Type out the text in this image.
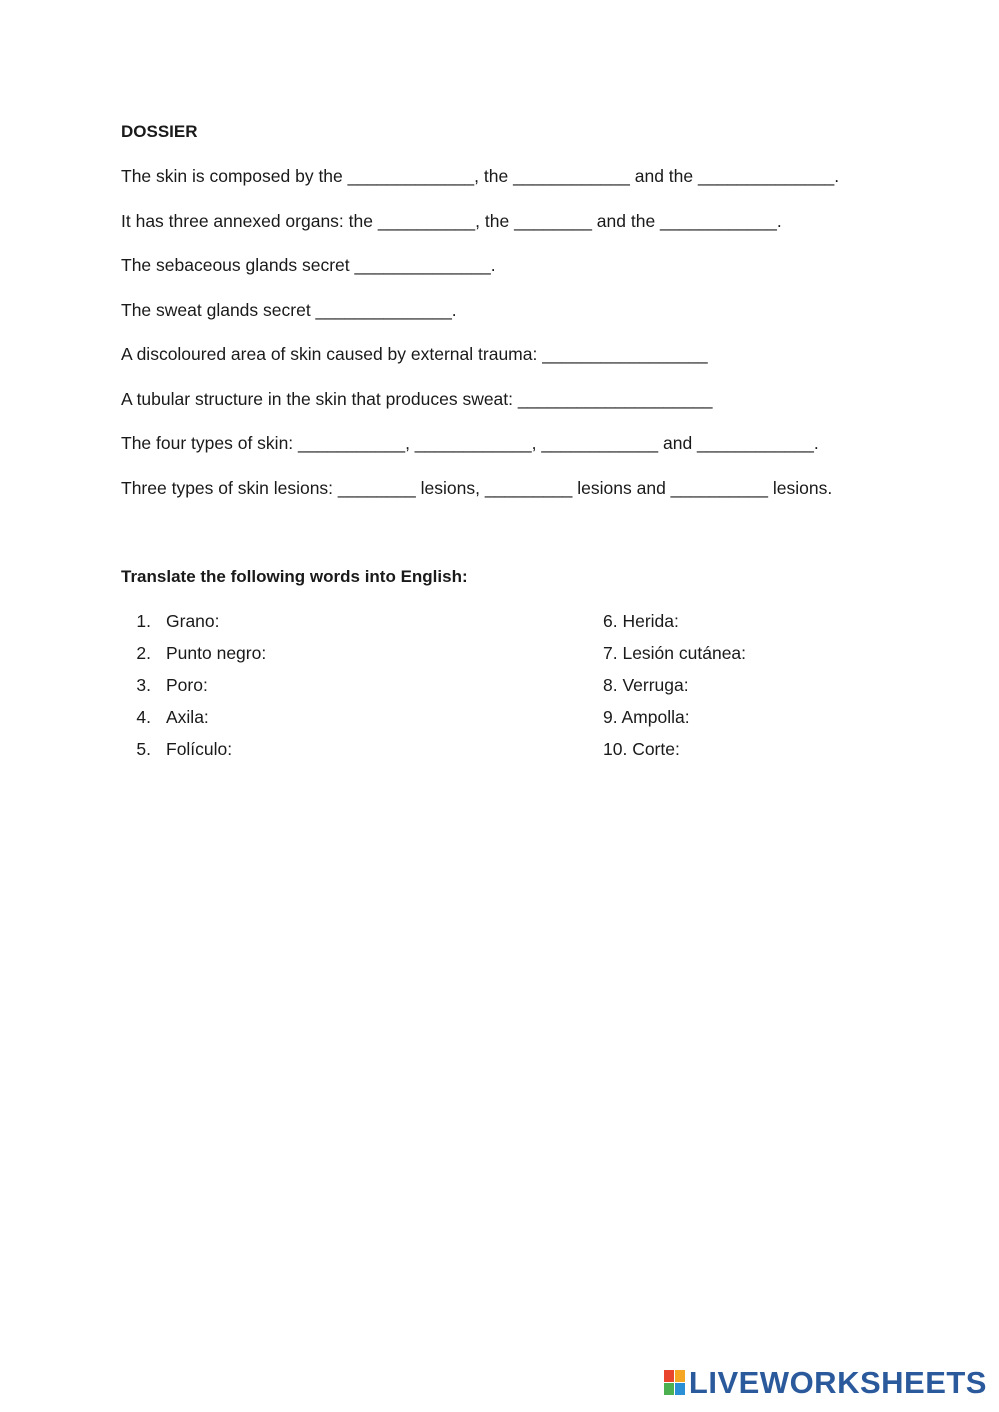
DOSSIER
The skin is composed by the _____________, the ____________ and the ______________.
It has three annexed organs: the __________, the ________ and the ____________.
The sebaceous glands secret ______________.
The sweat glands secret ______________.
A discoloured area of skin caused by external trauma: _________________
A tubular structure in the skin that produces sweat: ____________________
The four types of skin: ___________, ____________, ____________ and ____________.
Three types of skin lesions: ________ lesions, _________ lesions and __________ lesions.
Translate the following words into English:
1. Grano:
2. Punto negro:
3. Poro:
4. Axila:
5. Folículo:
6. Herida:
7. Lesión cutánea:
8. Verruga:
9. Ampolla:
10. Corte:
LIVEWORKSHEETS
